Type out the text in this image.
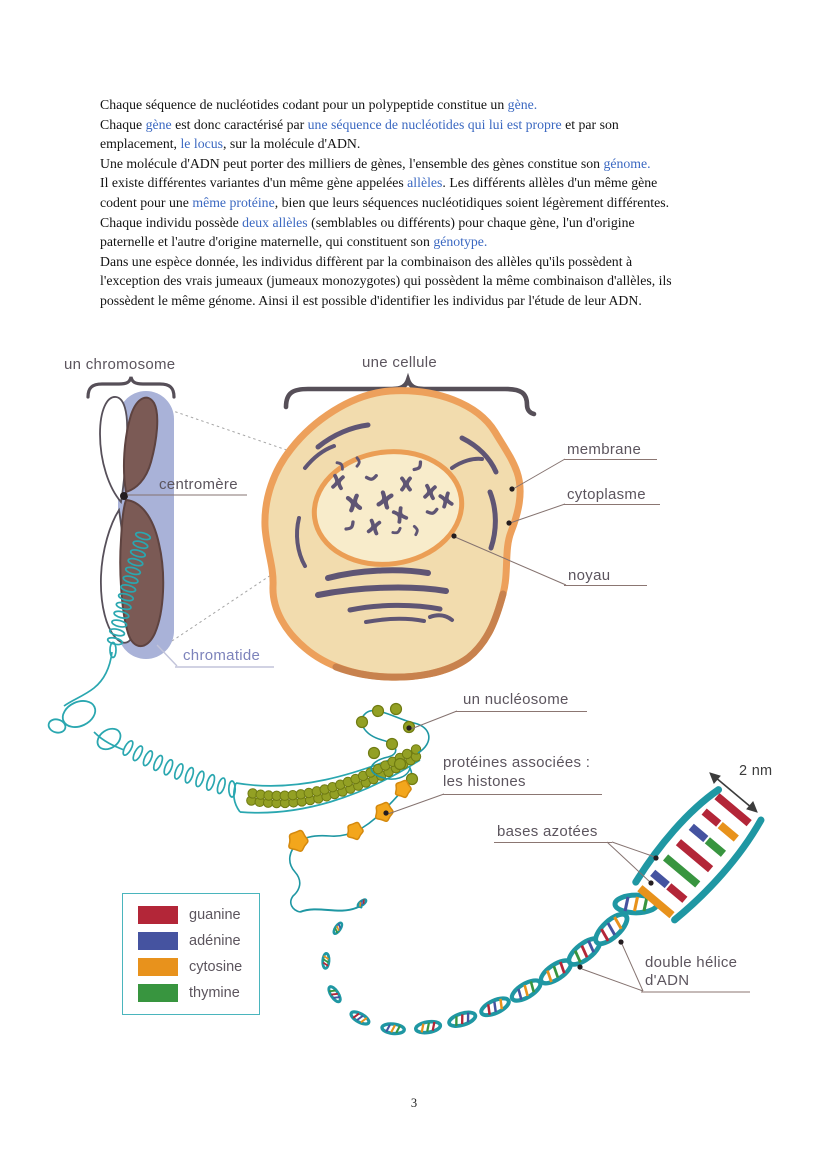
Chaque séquence de nucléotides codant pour un polypeptide constitue un gène.
Chaque gène est donc caractérisé par une séquence de nucléotides qui lui est propre et par son
emplacement, le locus, sur la molécule d'ADN.
Une molécule d'ADN peut porter des milliers de gènes, l'ensemble des gènes constitue son génome.
Il existe différentes variantes d'un même gène appelées allèles. Les différents allèles d'un même gène
codent pour une même protéine, bien que leurs séquences nucléotidiques soient légèrement différentes.
Chaque individu possède deux allèles (semblables ou différents) pour chaque gène, l'un d'origine
paternelle et l'autre d'origine maternelle, qui constituent son génotype.
Dans une espèce donnée, les individus diffèrent par la combinaison des allèles qu'ils possèdent à
l'exception des vrais jumeaux (jumeaux monozygotes) qui possèdent la même combinaison d'allèles, ils
possèdent le même génome. Ainsi il est possible d'identifier les individus par l'étude de leur ADN.
un chromosome	une cellule
centromère
membrane
cytoplasme
noyau
chromatide
un nucléosome
protéines associées :
les histones
bases azotées
2 nm
double hélice
d'ADN
guanine
adénine
cytosine
thymine
3
